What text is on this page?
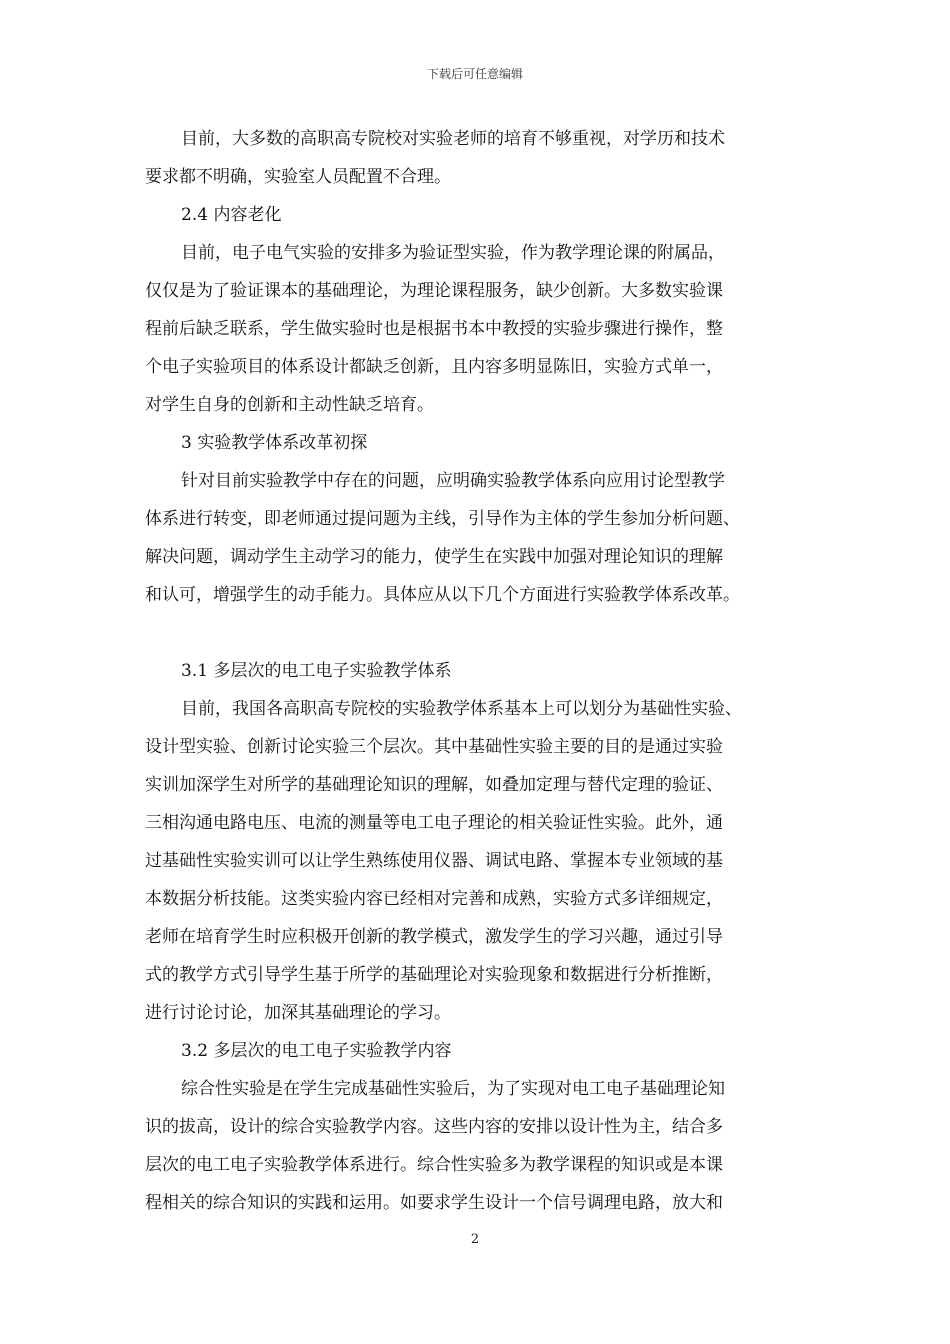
下载后可任意编辑
目前，大多数的高职高专院校对实验老师的培育不够重视，对学历和技术
要求都不明确，实验室人员配置不合理。
2.4 内容老化
目前，电子电气实验的安排多为验证型实验，作为教学理论课的附属品，
仅仅是为了验证课本的基础理论，为理论课程服务，缺少创新。大多数实验课
程前后缺乏联系，学生做实验时也是根据书本中教授的实验步骤进行操作，整
个电子实验项目的体系设计都缺乏创新，且内容多明显陈旧，实验方式单一，
对学生自身的创新和主动性缺乏培育。
3 实验教学体系改革初探
针对目前实验教学中存在的问题，应明确实验教学体系向应用讨论型教学
体系进行转变，即老师通过提问题为主线，引导作为主体的学生参加分析问题、
解决问题，调动学生主动学习的能力，使学生在实践中加强对理论知识的理解
和认可，增强学生的动手能力。具体应从以下几个方面进行实验教学体系改革。
3.1 多层次的电工电子实验教学体系
目前，我国各高职高专院校的实验教学体系基本上可以划分为基础性实验、
设计型实验、创新讨论实验三个层次。其中基础性实验主要的目的是通过实验
实训加深学生对所学的基础理论知识的理解，如叠加定理与替代定理的验证、
三相沟通电路电压、电流的测量等电工电子理论的相关验证性实验。此外，通
过基础性实验实训可以让学生熟练使用仪器、调试电路、掌握本专业领域的基
本数据分析技能。这类实验内容已经相对完善和成熟，实验方式多详细规定，
老师在培育学生时应积极开创新的教学模式，激发学生的学习兴趣，通过引导
式的教学方式引导学生基于所学的基础理论对实验现象和数据进行分析推断，
进行讨论讨论，加深其基础理论的学习。
3.2 多层次的电工电子实验教学内容
综合性实验是在学生完成基础性实验后，为了实现对电工电子基础理论知
识的拔高，设计的综合实验教学内容。这些内容的安排以设计性为主，结合多
层次的电工电子实验教学体系进行。综合性实验多为教学课程的知识或是本课
程相关的综合知识的实践和运用。如要求学生设计一个信号调理电路，放大和
2
